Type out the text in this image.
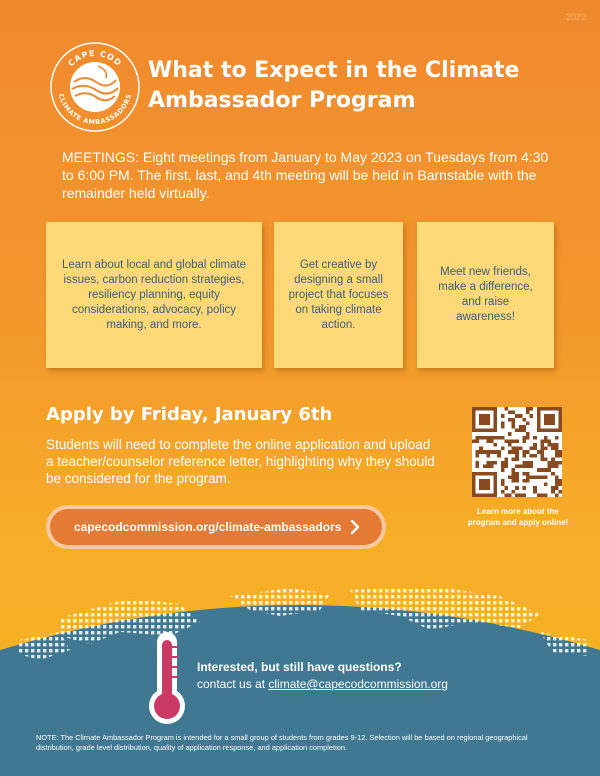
2022
CAPE COD
CLIMATE AMBASSADORS
What to Expect in the Climate Ambassador Program

MEETINGS: Eight meetings from January to May 2023 on Tuesdays from 4:30 to 6:00 PM. The first, last, and 4th meeting will be held in Barnstable with the remainder held virtually.

Learn about local and global climate issues, carbon reduction strategies, resiliency planning, equity considerations, advocacy, policy making, and more.
Get creative by designing a small project that focuses on taking climate action.
Meet new friends, make a difference, and raise awareness!
Apply by Friday, January 6th

Students will need to complete the online application and upload a teacher/counselor reference letter, highlighting why they should be considered for the program.

capecodcommission.org/climate-ambassadors

Learn more about the program and apply online!

Interested, but still have questions?

contact us at climate@capecodcommission.org

NOTE: The Climate Ambassador Program is intended for a small group of students from grades 9-12. Selection will be based on regional geographical distribution, grade level distribution, quality of application response, and application completion.
